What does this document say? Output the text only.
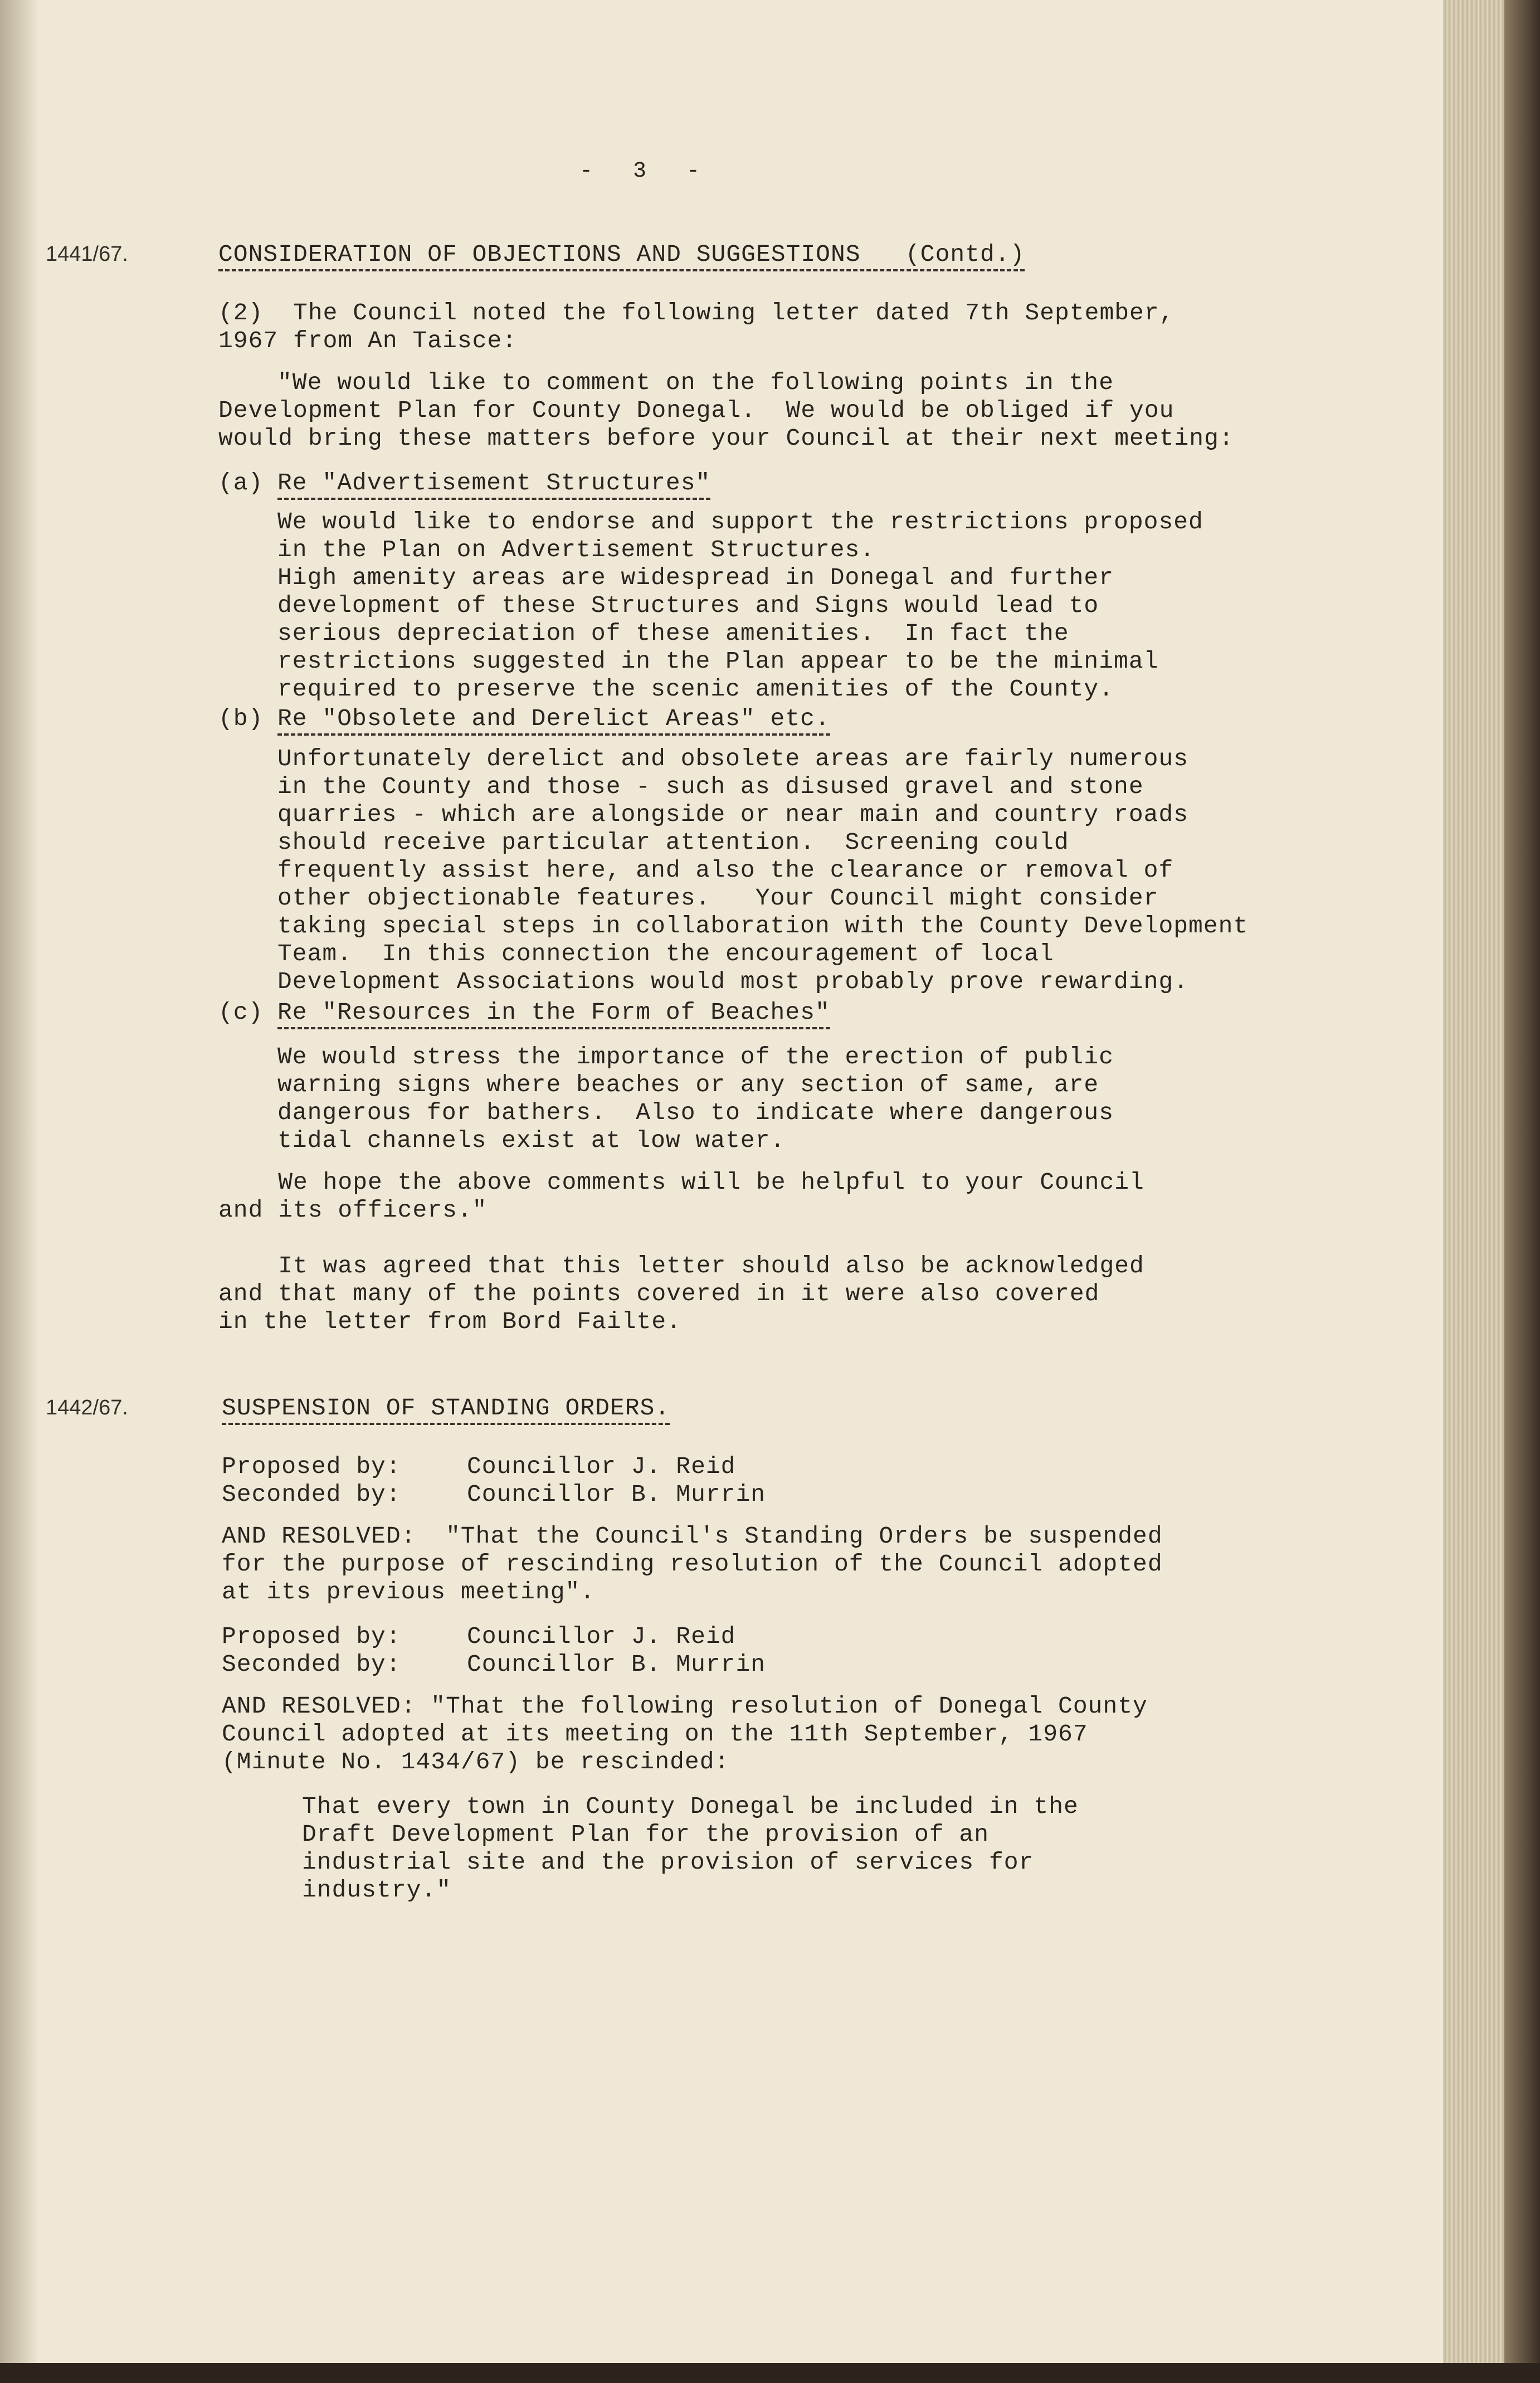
-   3   -
1441/67.	CONSIDERATION OF OBJECTIONS AND SUGGESTIONS   (Contd.)
(2)  The Council noted the following letter dated 7th September,
1967 from An Taisce:
"We would like to comment on the following points in the
Development Plan for County Donegal.  We would be obliged if you
would bring these matters before your Council at their next meeting:
(a) Re "Advertisement Structures"
We would like to endorse and support the restrictions proposed
in the Plan on Advertisement Structures.
High amenity areas are widespread in Donegal and further
development of these Structures and Signs would lead to
serious depreciation of these amenities.  In fact the
restrictions suggested in the Plan appear to be the minimal
required to preserve the scenic amenities of the County.
(b) Re "Obsolete and Derelict Areas" etc.
Unfortunately derelict and obsolete areas are fairly numerous
in the County and those - such as disused gravel and stone
quarries - which are alongside or near main and country roads
should receive particular attention.  Screening could
frequently assist here, and also the clearance or removal of
other objectionable features.   Your Council might consider
taking special steps in collaboration with the County Development
Team.  In this connection the encouragement of local
Development Associations would most probably prove rewarding.
(c) Re "Resources in the Form of Beaches"
We would stress the importance of the erection of public
warning signs where beaches or any section of same, are
dangerous for bathers.  Also to indicate where dangerous
tidal channels exist at low water.
We hope the above comments will be helpful to your Council
and its officers."
It was agreed that this letter should also be acknowledged
and that many of the points covered in it were also covered
in the letter from Bord Failte.
1442/67.	SUSPENSION OF STANDING ORDERS.
Proposed by:	Councillor J. Reid
Seconded by:	Councillor B. Murrin
AND RESOLVED:  "That the Council's Standing Orders be suspended
for the purpose of rescinding resolution of the Council adopted
at its previous meeting".
Proposed by:	Councillor J. Reid
Seconded by:	Councillor B. Murrin
AND RESOLVED: "That the following resolution of Donegal County
Council adopted at its meeting on the 11th September, 1967
(Minute No. 1434/67) be rescinded:
That every town in County Donegal be included in the
Draft Development Plan for the provision of an
industrial site and the provision of services for
industry."
